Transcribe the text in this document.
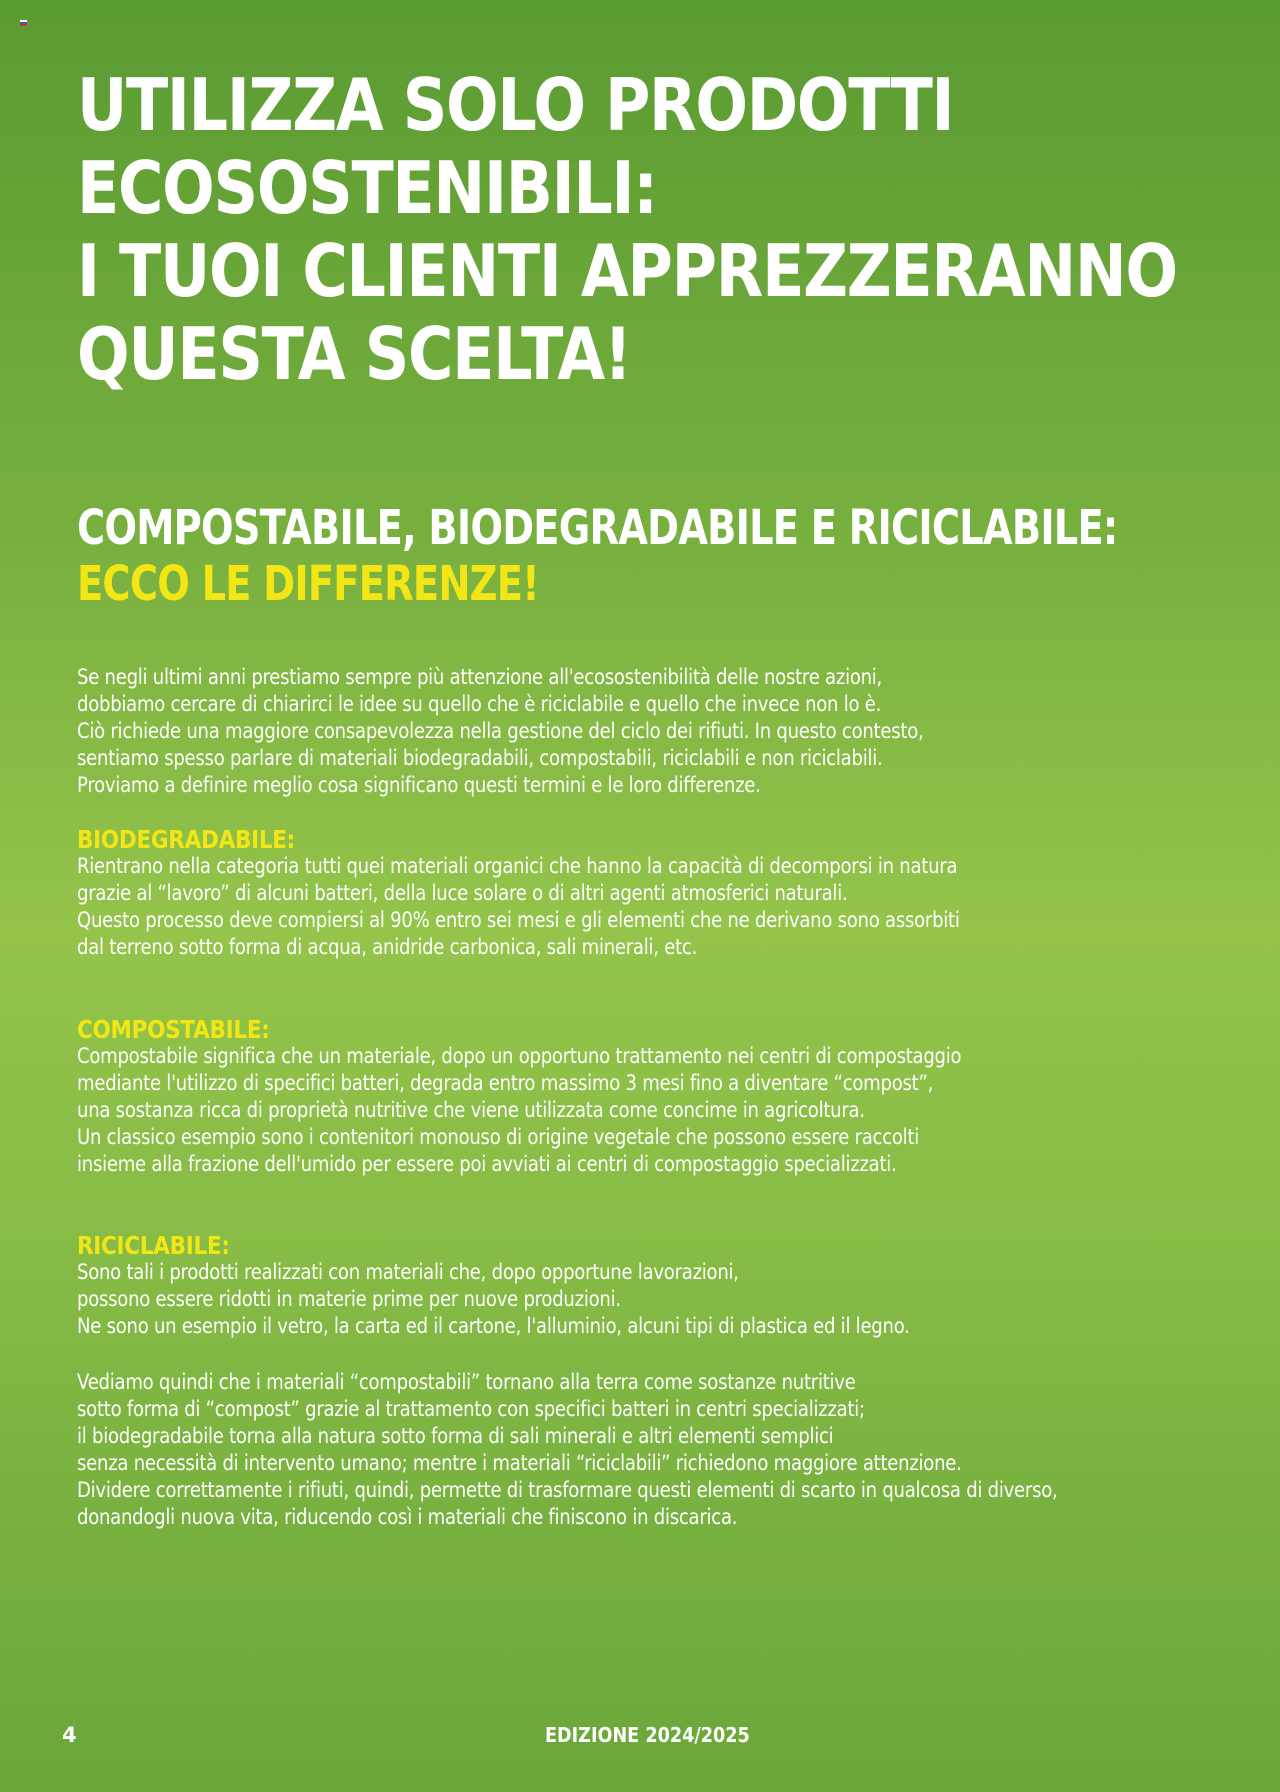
UTILIZZA SOLO PRODOTTI
ECOSOSTENIBILI:
I TUOI CLIENTI APPREZZERANNO
QUESTA SCELTA!
COMPOSTABILE, BIODEGRADABILE E RICICLABILE:
ECCO LE DIFFERENZE!

Se negli ultimi anni prestiamo sempre più attenzione all'ecosostenibilità delle nostre azioni,

dobbiamo cercare di chiarirci le idee su quello che è riciclabile e quello che invece non lo è.

Ciò richiede una maggiore consapevolezza nella gestione del ciclo dei rifiuti. In questo contesto,

sentiamo spesso parlare di materiali biodegradabili, compostabili, riciclabili e non riciclabili.

Proviamo a definire meglio cosa significano questi termini e le loro differenze.

BIODEGRADABILE:

Rientrano nella categoria tutti quei materiali organici che hanno la capacità di decomporsi in natura

grazie al “lavoro” di alcuni batteri, della luce solare o di altri agenti atmosferici naturali.

Questo processo deve compiersi al 90% entro sei mesi e gli elementi che ne derivano sono assorbiti

dal terreno sotto forma di acqua, anidride carbonica, sali minerali, etc.

COMPOSTABILE:

Compostabile significa che un materiale, dopo un opportuno trattamento nei centri di compostaggio

mediante l'utilizzo di specifici batteri, degrada entro massimo 3 mesi fino a diventare “compost”,

una sostanza ricca di proprietà nutritive che viene utilizzata come concime in agricoltura.

Un classico esempio sono i contenitori monouso di origine vegetale che possono essere raccolti

insieme alla frazione dell'umido per essere poi avviati ai centri di compostaggio specializzati.

RICICLABILE:

Sono tali i prodotti realizzati con materiali che, dopo opportune lavorazioni,

possono essere ridotti in materie prime per nuove produzioni.

Ne sono un esempio il vetro, la carta ed il cartone, l'alluminio, alcuni tipi di plastica ed il legno.

Vediamo quindi che i materiali “compostabili” tornano alla terra come sostanze nutritive

sotto forma di “compost” grazie al trattamento con specifici batteri in centri specializzati;

il biodegradabile torna alla natura sotto forma di sali minerali e altri elementi semplici

senza necessità di intervento umano; mentre i materiali “riciclabili” richiedono maggiore attenzione.

Dividere correttamente i rifiuti, quindi, permette di trasformare questi elementi di scarto in qualcosa di diverso,

donandogli nuova vita, riducendo così i materiali che finiscono in discarica.

4	EDIZIONE 2024/2025
